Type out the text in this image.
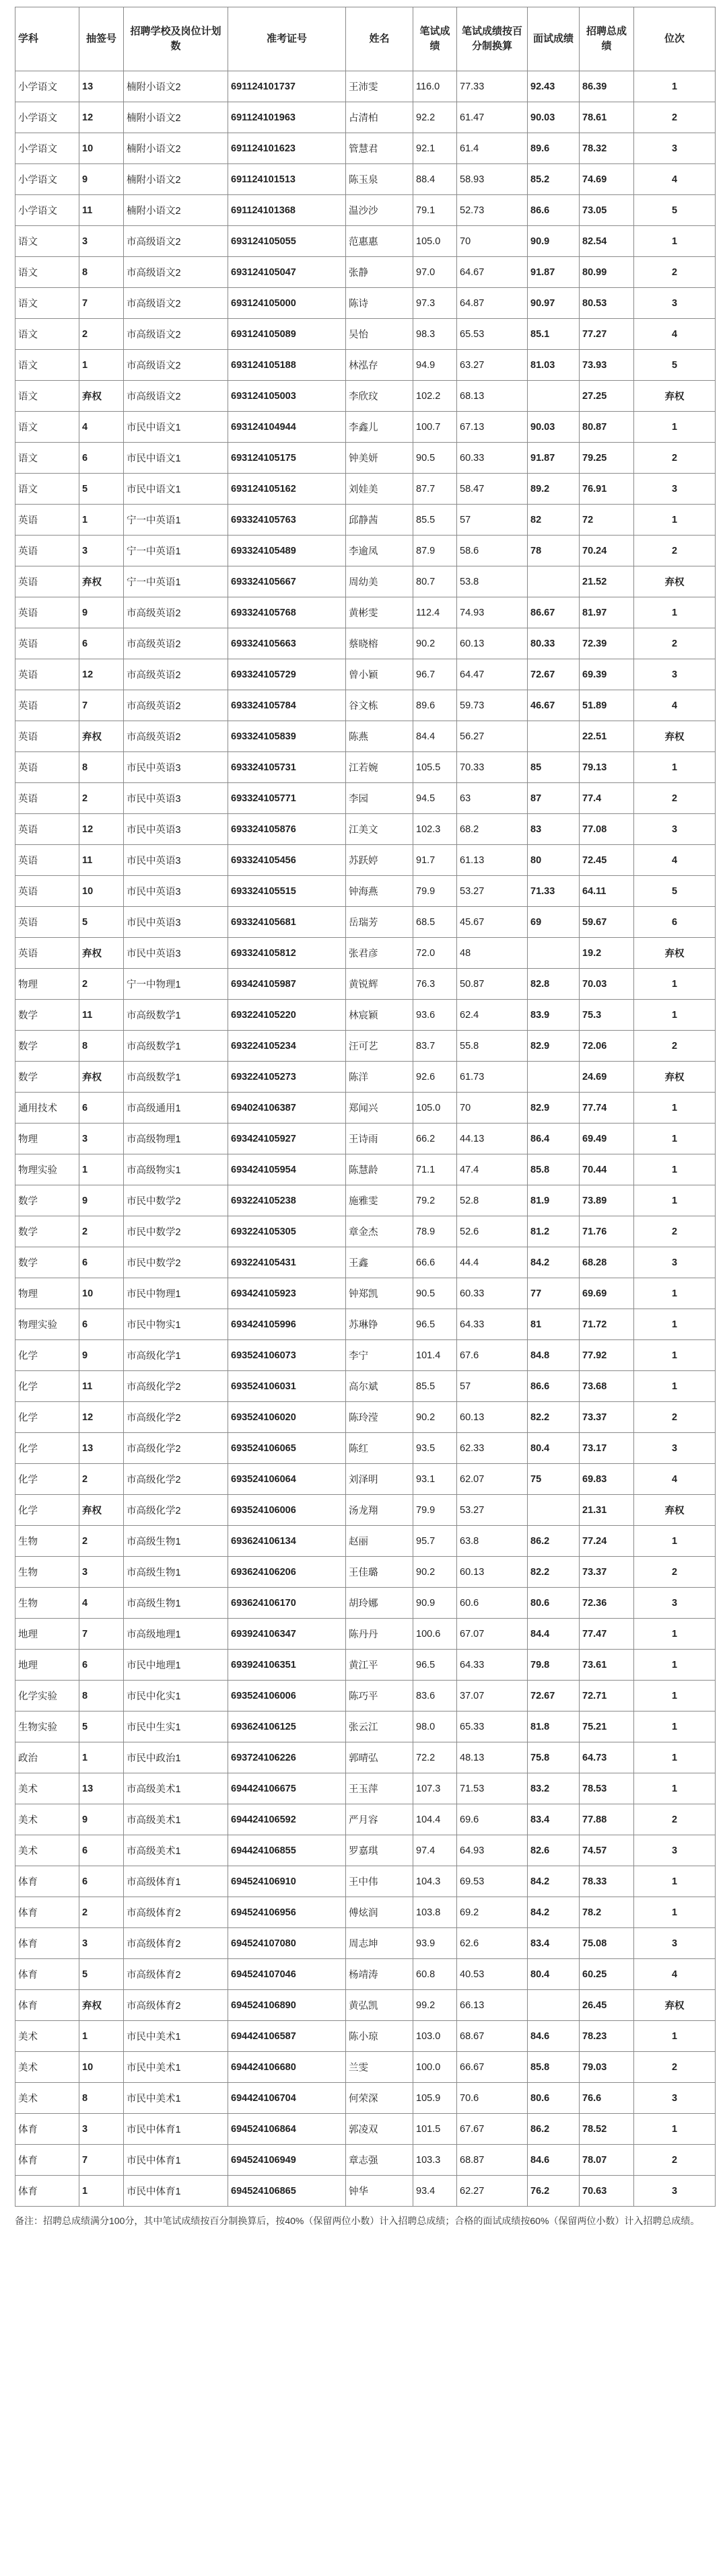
学科	抽签号	招聘学校及岗位计划数	准考证号	姓名	笔试成绩	笔试成绩按百分制换算	面试成绩	招聘总成绩	位次
小学语文	13	楠附小语文2	691124101737	王沛雯	116.0	77.33	92.43	86.39	1
小学语文	12	楠附小语文2	691124101963	占清柏	92.2	61.47	90.03	78.61	2
小学语文	10	楠附小语文2	691124101623	管慧君	92.1	61.4	89.6	78.32	3
小学语文	9	楠附小语文2	691124101513	陈玉泉	88.4	58.93	85.2	74.69	4
小学语文	11	楠附小语文2	691124101368	温沙沙	79.1	52.73	86.6	73.05	5
语文	3	市高级语文2	693124105055	范惠惠	105.0	70	90.9	82.54	1
语文	8	市高级语文2	693124105047	张静	97.0	64.67	91.87	80.99	2
语文	7	市高级语文2	693124105000	陈诗	97.3	64.87	90.97	80.53	3
语文	2	市高级语文2	693124105089	吴怡	98.3	65.53	85.1	77.27	4
语文	1	市高级语文2	693124105188	林泓存	94.9	63.27	81.03	73.93	5
语文	弃权	市高级语文2	693124105003	李欣玟	102.2	68.13		27.25	弃权
语文	4	市民中语文1	693124104944	李鑫儿	100.7	67.13	90.03	80.87	1
语文	6	市民中语文1	693124105175	钟美妍	90.5	60.33	91.87	79.25	2
语文	5	市民中语文1	693124105162	刘娃美	87.7	58.47	89.2	76.91	3
英语	1	宁一中英语1	693324105763	邱静茜	85.5	57	82	72	1
英语	3	宁一中英语1	693324105489	李逾凤	87.9	58.6	78	70.24	2
英语	弃权	宁一中英语1	693324105667	周幼美	80.7	53.8		21.52	弃权
英语	9	市高级英语2	693324105768	黄彬雯	112.4	74.93	86.67	81.97	1
英语	6	市高级英语2	693324105663	蔡晓榕	90.2	60.13	80.33	72.39	2
英语	12	市高级英语2	693324105729	曾小颖	96.7	64.47	72.67	69.39	3
英语	7	市高级英语2	693324105784	谷文栋	89.6	59.73	46.67	51.89	4
英语	弃权	市高级英语2	693324105839	陈燕	84.4	56.27		22.51	弃权
英语	8	市民中英语3	693324105731	江若婉	105.5	70.33	85	79.13	1
英语	2	市民中英语3	693324105771	李园	94.5	63	87	77.4	2
英语	12	市民中英语3	693324105876	江美文	102.3	68.2	83	77.08	3
英语	11	市民中英语3	693324105456	苏跃婷	91.7	61.13	80	72.45	4
英语	10	市民中英语3	693324105515	钟海燕	79.9	53.27	71.33	64.11	5
英语	5	市民中英语3	693324105681	岳瑞芳	68.5	45.67	69	59.67	6
英语	弃权	市民中英语3	693324105812	张君彦	72.0	48		19.2	弃权
物理	2	宁一中物理1	693424105987	黄锐辉	76.3	50.87	82.8	70.03	1
数学	11	市高级数学1	693224105220	林宸颖	93.6	62.4	83.9	75.3	1
数学	8	市高级数学1	693224105234	汪可艺	83.7	55.8	82.9	72.06	2
数学	弃权	市高级数学1	693224105273	陈洋	92.6	61.73		24.69	弃权
通用技术	6	市高级通用1	694024106387	郑闻兴	105.0	70	82.9	77.74	1
物理	3	市高级物理1	693424105927	王诗雨	66.2	44.13	86.4	69.49	1
物理实验	1	市高级物实1	693424105954	陈慧龄	71.1	47.4	85.8	70.44	1
数学	9	市民中数学2	693224105238	施雅雯	79.2	52.8	81.9	73.89	1
数学	2	市民中数学2	693224105305	章金杰	78.9	52.6	81.2	71.76	2
数学	6	市民中数学2	693224105431	王鑫	66.6	44.4	84.2	68.28	3
物理	10	市民中物理1	693424105923	钟郑凯	90.5	60.33	77	69.69	1
物理实验	6	市民中物实1	693424105996	苏琳铮	96.5	64.33	81	71.72	1
化学	9	市高级化学1	693524106073	李宁	101.4	67.6	84.8	77.92	1
化学	11	市高级化学2	693524106031	高尔斌	85.5	57	86.6	73.68	1
化学	12	市高级化学2	693524106020	陈玲滢	90.2	60.13	82.2	73.37	2
化学	13	市高级化学2	693524106065	陈红	93.5	62.33	80.4	73.17	3
化学	2	市高级化学2	693524106064	刘泽明	93.1	62.07	75	69.83	4
化学	弃权	市高级化学2	693524106006	汤龙翔	79.9	53.27		21.31	弃权
生物	2	市高级生物1	693624106134	赵丽	95.7	63.8	86.2	77.24	1
生物	3	市高级生物1	693624106206	王佳璐	90.2	60.13	82.2	73.37	2
生物	4	市高级生物1	693624106170	胡玲娜	90.9	60.6	80.6	72.36	3
地理	7	市高级地理1	693924106347	陈丹丹	100.6	67.07	84.4	77.47	1
地理	6	市民中地理1	693924106351	黄江平	96.5	64.33	79.8	73.61	1
化学实验	8	市民中化实1	693524106006	陈巧平	83.6	37.07	72.67	72.71	1
生物实验	5	市民中生实1	693624106125	张云江	98.0	65.33	81.8	75.21	1
政治	1	市民中政治1	693724106226	郭晴弘	72.2	48.13	75.8	64.73	1
美术	13	市高级美术1	694424106675	王玉萍	107.3	71.53	83.2	78.53	1
美术	9	市高级美术1	694424106592	严月容	104.4	69.6	83.4	77.88	2
美术	6	市高级美术1	694424106855	罗嘉琪	97.4	64.93	82.6	74.57	3
体育	6	市高级体育1	694524106910	王中伟	104.3	69.53	84.2	78.33	1
体育	2	市高级体育2	694524106956	傅炫润	103.8	69.2	84.2	78.2	1
体育	3	市高级体育2	694524107080	周志坤	93.9	62.6	83.4	75.08	3
体育	5	市高级体育2	694524107046	杨靖涛	60.8	40.53	80.4	60.25	4
体育	弃权	市高级体育2	694524106890	黄弘凯	99.2	66.13		26.45	弃权
美术	1	市民中美术1	694424106587	陈小琼	103.0	68.67	84.6	78.23	1
美术	10	市民中美术1	694424106680	兰雯	100.0	66.67	85.8	79.03	2
美术	8	市民中美术1	694424106704	何荣深	105.9	70.6	80.6	76.6	3
体育	3	市民中体育1	694524106864	郭凌双	101.5	67.67	86.2	78.52	1
体育	7	市民中体育1	694524106949	章志强	103.3	68.87	84.6	78.07	2
体育	1	市民中体育1	694524106865	钟华	93.4	62.27	76.2	70.63	3
备注：招聘总成绩满分100分，其中笔试成绩按百分制换算后，按40%（保留两位小数）计入招聘总成绩；合格的面试成绩按60%（保留两位小数）计入招聘总成绩。
